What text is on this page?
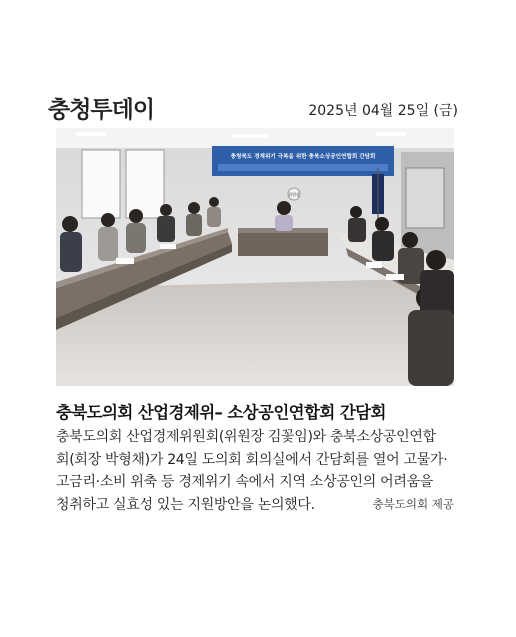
충청투데이	2025년 04월 25일 (금)
충청북도 경제위기 극복을 위한 충북소상공인연합회 간담회
위원장
충북도의회 산업경제위– 소상공인연합회 간담회
충북도의회 산업경제위원회(위원장 김꽃임)와 충북소상공인연합
회(회장 박형채)가 24일 도의회 회의실에서 간담회를 열어 고물가·
고금리·소비 위축 등 경제위기 속에서 지역 소상공인의 어려움을
청취하고 실효성 있는 지원방안을 논의했다.	충북도의회 제공
